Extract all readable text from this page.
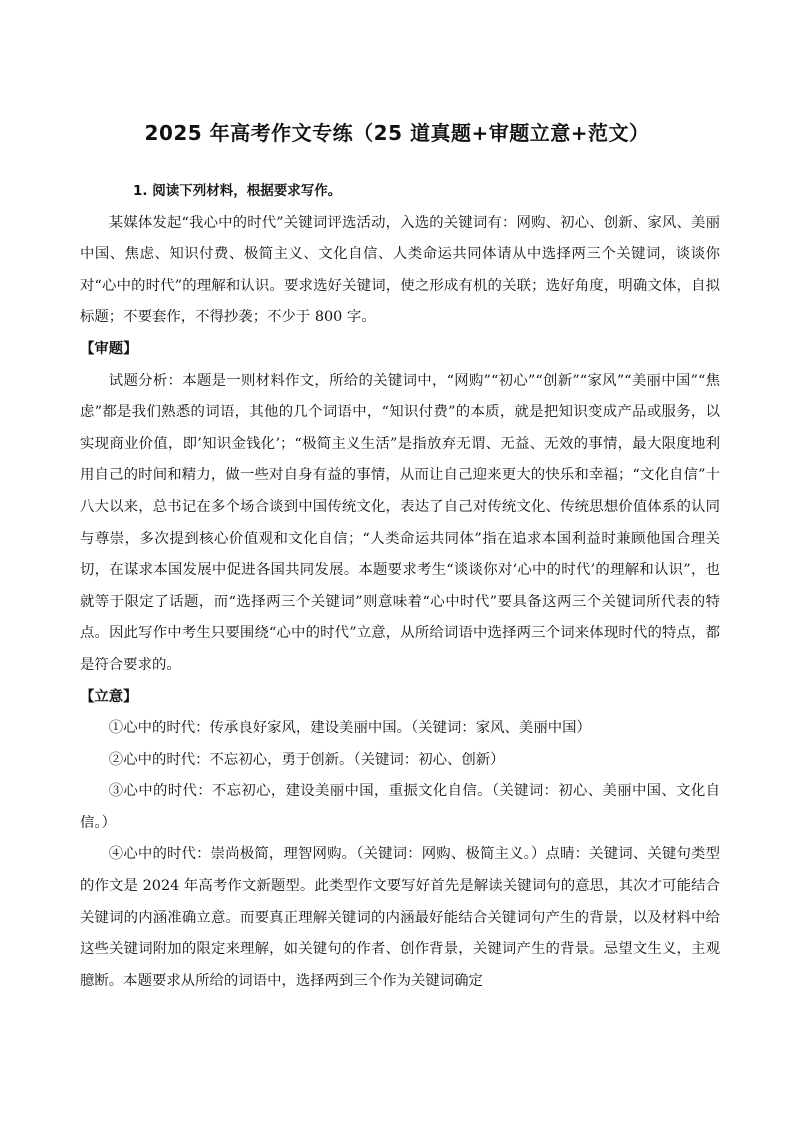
2025 年高考作文专练（25 道真题+审题立意+范文）

1. 阅读下列材料，根据要求写作。

某媒体发起“我心中的时代”关键词评选活动，入选的关键词有：网购、初心、创新、家风、美丽中国、焦虑、知识付费、极简主义、文化自信、人类命运共同体请从中选择两三个关键词，谈谈你对“心中的时代”的理解和认识。要求选好关键词，使之形成有机的关联；选好角度，明确文体，自拟标题；不要套作，不得抄袭；不少于 800 字。

【审题】

试题分析：本题是一则材料作文，所给的关键词中，“网购”“初心”“创新”“家风”“美丽中国”“焦虑”都是我们熟悉的词语，其他的几个词语中，“知识付费”的本质，就是把知识变成产品或服务，以实现商业价值，即’知识金钱化’；“极简主义生活”是指放弃无谓、无益、无效的事情，最大限度地利用自己的时间和精力，做一些对自身有益的事情，从而让自己迎来更大的快乐和幸福；“文化自信”十八大以来，总书记在多个场合谈到中国传统文化，表达了自己对传统文化、传统思想价值体系的认同与尊崇，多次提到核心价值观和文化自信；“人类命运共同体”指在追求本国利益时兼顾他国合理关切，在谋求本国发展中促进各国共同发展。本题要求考生“谈谈你对‘心中的时代’的理解和认识”，也就等于限定了话题，而“选择两三个关键词”则意味着“心中时代”要具备这两三个关键词所代表的特点。因此写作中考生只要围绕“心中的时代”立意，从所给词语中选择两三个词来体现时代的特点，都是符合要求的。

【立意】

①心中的时代：传承良好家风，建设美丽中国。（关键词：家风、美丽中国）

②心中的时代：不忘初心，勇于创新。（关键词：初心、创新）

③心中的时代：不忘初心，建设美丽中国，重振文化自信。（关键词：初心、美丽中国、文化自信。）

④心中的时代：崇尚极简，理智网购。（关键词：网购、极简主义。）点睛：关键词、关键句类型的作文是 2024 年高考作文新题型。此类型作文要写好首先是解读关键词句的意思，其次才可能结合关键词的内涵准确立意。而要真正理解关键词的内涵最好能结合关键词句产生的背景，以及材料中给这些关键词附加的限定来理解，如关键句的作者、创作背景，关键词产生的背景。忌望文生义，主观臆断。本题要求从所给的词语中，选择两到三个作为关键词确定
